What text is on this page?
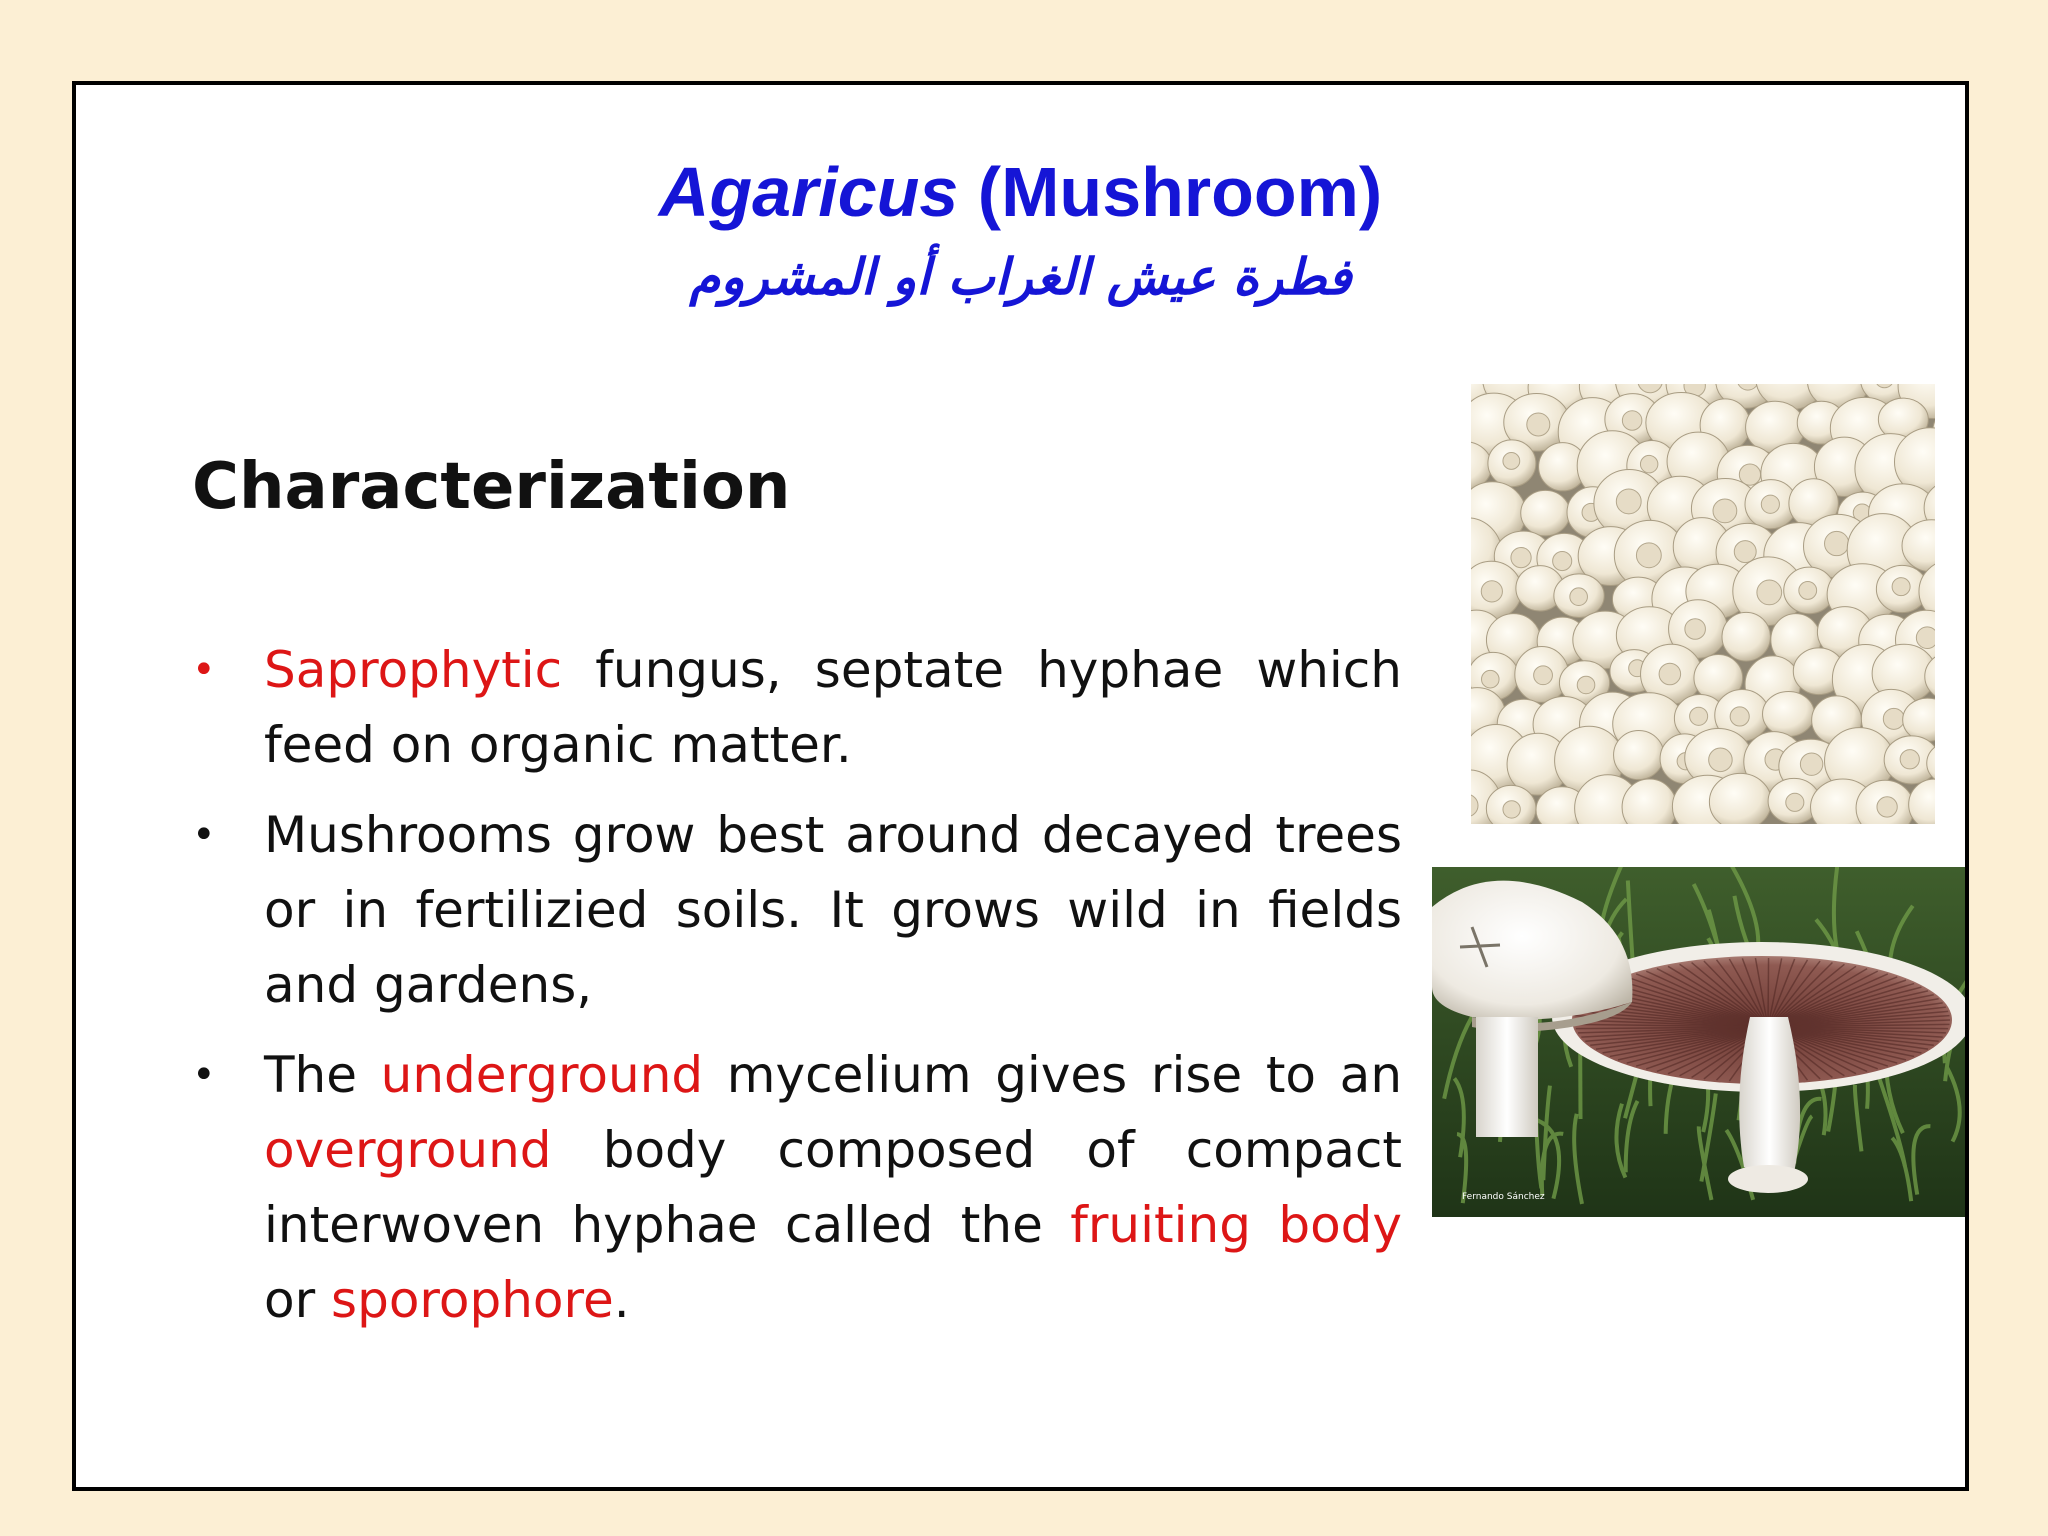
Agaricus (Mushroom)
فطرة عيش الغراب أو المشروم
Characterization
• Saprophytic fungus, septate hyphae which feed on organic matter.
• Mushrooms grow best around decayed trees or in fertilizied soils. It grows wild in fields and gardens,
• The underground mycelium gives rise to an overground body composed of compact interwoven hyphae called the fruiting body or sporophore.
Fernando Sánchez
